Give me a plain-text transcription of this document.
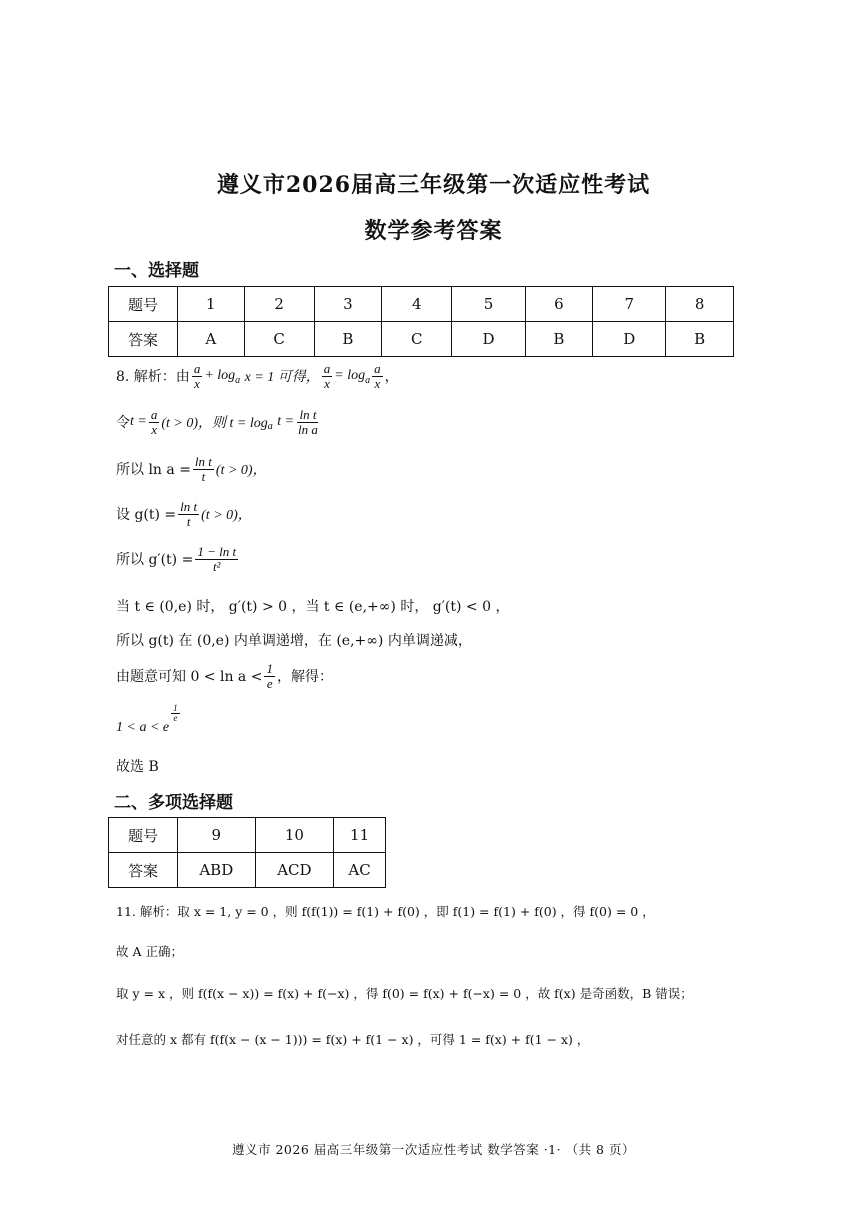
遵义市2026届高三年级第一次适应性考试
数学参考答案
一、选择题
题号	1	2	3	4	5	6	7	8
答案	A	C	B	C	D	B	D	B
8. 解析：由 $\frac{a}{x} + \log a$
x = 1 可得， $\frac{a}{x} = \log a \frac{a}{x}$ ，
令 $t = \frac{a}{x} (t > 0)$，则 t = log a
$t = \frac{\text{ln t}}{\text{ln a}}$
所以 $\ln a = \frac{\text{ln t}}{t} (t > 0)$，
设 $g(t) = \frac{\text{ln t}}{t} (t > 0)$，
所以 $g'(t) = \frac{\text{1 − ln t}}{\text{t²}}$
当 t ∈ (0,e) 时， g′(t) > 0 ，当 t ∈ (e,+∞) 时， g′(t) < 0 ，
所以 g(t) 在 (0,e) 内单调递增，在 (e,+∞) 内单调递减，
由题意可知 $0 < \ln a < \frac{1}{e}$ ，解得：
1 < a < e
$\frac{1}{e}$
故选 B
二、多项选择题
题号	9	10	11
答案	ABD	ACD	AC
11. 解析：取 x = 1, y = 0 ，则 f(f(1)) = f(1) + f(0) ，即 f(1) = f(1) + f(0) ，得 f(0) = 0 ，
故 A 正确；
取 y = x ，则 f(f(x − x)) = f(x) + f(−x) ，得 f(0) = f(x) + f(−x) = 0 ，故 f(x) 是奇函数，B 错误；
对任意的 x 都有 f(f(x − (x − 1))) = f(x) + f(1 − x) ，可得 1 = f(x) + f(1 − x) ，
遵义市 2026 届高三年级第一次适应性考试 数学答案 ·1· （共 8 页）
